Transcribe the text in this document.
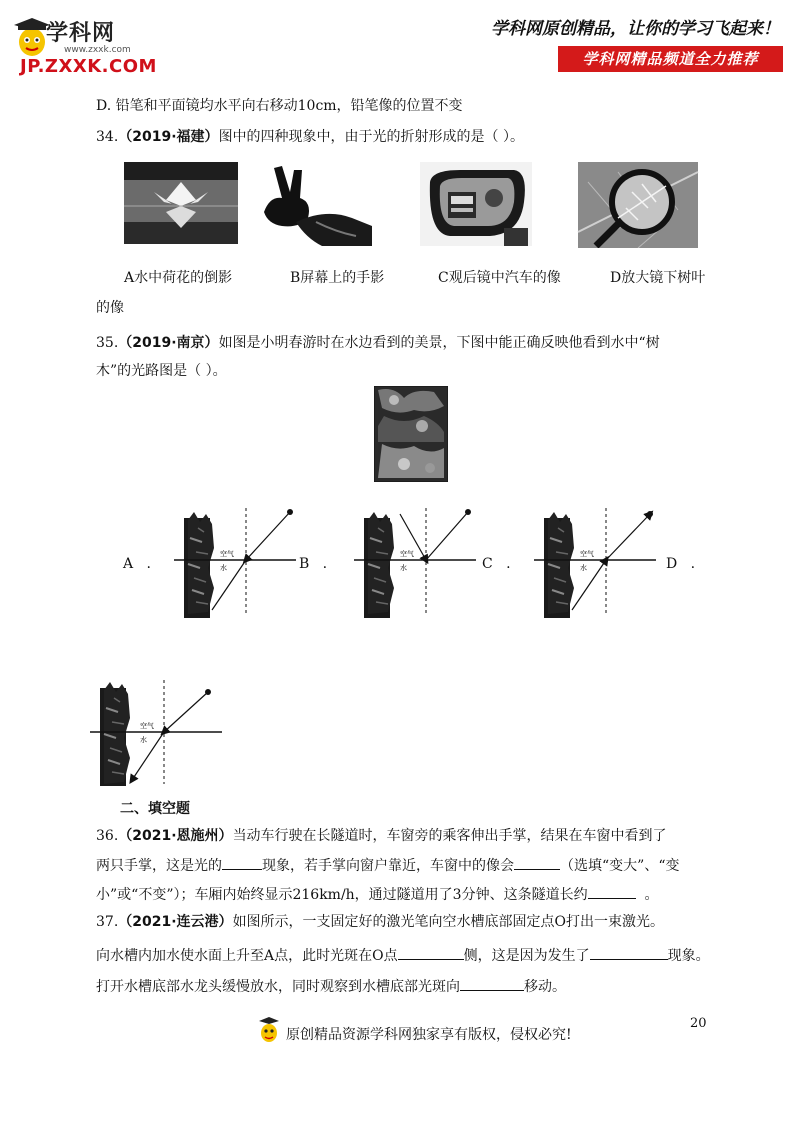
学科网
www.zxxk.com
JP.ZXXK.COM
学科网原创精品，让你的学习飞起来！
学科网精品频道全力推荐
D. 铅笔和平面镜均水平向右移动10cm，铅笔像的位置不变
34.（2019·福建）图中的四种现象中，由于光的折射形成的是（ ）。
A水中荷花的倒影	B屏幕上的手影	C观后镜中汽车的像	D放大镜下树叶
的像
35.（2019·南京）如图是小明春游时在水边看到的美景，下图中能正确反映他看到水中“树
木”的光路图是（ ）。
空气
水
空气
水
空气
水
A .	B .	C .	D .
空气
水
二、填空题
36.（2021·恩施州）当动车行驶在长隧道时，车窗旁的乘客伸出手掌，结果在车窗中看到了
两只手掌，这是光的	现象，若手掌向窗户靠近，车窗中的像会	（选填“变大”、“变
小”或“不变”）；车厢内始终显示216km/h，通过隧道用了3分钟、这条隧道长约	。
37.（2021·连云港）如图所示，一支固定好的激光笔向空水槽底部固定点O打出一束激光。
向水槽内加水使水面上升至A点，此时光斑在O点	侧，这是因为发生了	现象。
打开水槽底部水龙头缓慢放水，同时观察到水槽底部光斑向	移动。
20
原创精品资源学科网独家享有版权，侵权必究!
